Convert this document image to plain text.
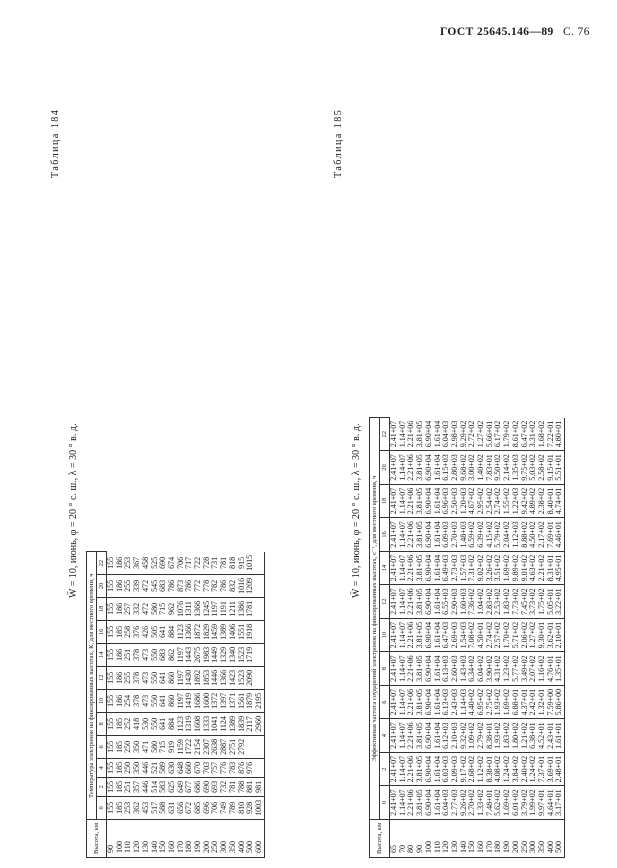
ГОСТ 25645.146—89 С. 76
Таблица 184
W̄ = 10, июнь, φ = 20 ° с. ш., λ = 30 ° в. д.
Высота, км	Температура электронов на фиксированных высотах, К, для местного времени, ч											
	0	2	4	6	8	10	12	14	16	18	20	22
90	155	155	155	155	155	155	155	155	155	155	155	155
100	185	185	185	185	185	186	186	186	185	186	186	186
110	253	251	250	250	252	254	255	251	258	257	255	253
120	362	357	350	350	418	378	378	378	376	332	339	367
130	453	446	446	471	530	473	473	473	426	472	472	458
140	517	514	521	580	550	550	550	550	505	580	545	525
150	588	583	589	715	641	641	641	683	641	715	683	690
160	631	625	630	919	884	860	860	862	884	962	786	674
170	656	649	648	1159	1123	1197	1197	1197	1123	1076	873	706
180	672	677	660	1722	1319	1419	1430	1443	1366	1311	786	717
190	685	686	670	2154	1608	1686	1892	2675	1872	1366	772	722
200	696	690	703	2307	1333	1600	1853	1983	1829	1245	778	728
250	706	693	757	2638	1041	1372	1446	1449	1459	1197	782	731
300	749	732	776	2887	1124	1397	1366	1329	1389	1191	786	781
350	789	781	783	2751	1389	1371	1423	1340	1406	1211	832	818
400	810	788	876	2792	1839	1561	1523	1523	1551	1386	1016	915
500	928	881	976		2117	1879	2090	1719	1918	1781	1209	1015
600	1003	981			2960	2195						
Таблица 185
W̄ = 10, июнь, φ = 20 ° с. ш., λ = 30 ° в. д.
Высота, км	Эффективная частота соударений электронов на фиксированных высотах, с⁻¹, для местного времени, ч											
	0	2	4	6	8	10	12	14	16	18	20	22
65	2.41+07	2.41+07	2.41+07	2.41+07	2.41+07	2.41+07	2.41+07	2.41+07	2.41+07	2.41+07	2.41+07	2.41+07
70	1.14+07	1.14+07	1.14+07	1.14+07	1.14+07	1.14+07	1.14+07	1.14+07	1.14+07	1.14+07	1.14+07	1.14+07
80	2.21+06	2.21+06	2.21+06	2.21+06	2.21+06	2.21+06	2.21+06	2.21+06	2.21+06	2.21+06	2.21+06	2.21+06
90	3.81+05	3.81+05	3.81+05	3.81+05	3.81+05	3.81+05	3.81+05	3.81+05	3.81+05	3.81+05	3.81+05	3.81+05
100	6.90+04	6.90+04	6.90+04	6.90+04	6.90+04	6.90+04	6.90+04	6.90+04	6.90+04	6.90+04	6.90+04	6.90+04
110	1.61+04	1.61+04	1.61+04	1.61+04	1.61+04	1.61+04	1.61+04	1.61+04	1.61+04	1.61+04	1.61+04	1.61+04
120	6.04+03	6.03+03	6.12+03	6.13+03	6.13+03	6.47+03	6.55+03	6.49+03	6.09+03	6.96+03	6.15+03	6.04+03
130	2.77+03	2.09+03	2.10+03	2.43+03	2.60+03	2.69+03	2.90+03	2.73+03	2.70+03	2.50+03	2.80+03	2.98+03
140	9.26+02	9.17+02	9.32+02	1.14+03	1.43+03	1.54+03	1.60+03	1.57+03	1.48+03	1.20+03	9.68+02	9.29+02
150	2.70+02	2.68+02	1.09+02	4.40+02	6.34+02	7.08+02	7.36+02	7.31+02	6.59+02	4.67+02	3.00+02	2.72+02
160	1.33+02	1.12+02	2.79+02	6.95+02	6.04+02	4.50+01	1.04+02	9.02+02	6.39+02	2.95+02	1.40+02	1.27+02
170	7.48+01	8.38+01	8.38+01	2.75+02	3.90+02	2.74+02	2.83+02	3.26+02	4.15+02	2.54+02	7.83+01	5.66+01
180	5.62+02	4.08+02	1.93+02	1.93+02	4.31+02	2.57+02	2.53+02	3.51+02	5.79+02	2.74+02	9.50+02	6.17+02
190	1.69+02	1.24+02	1.83+02	1.69+02	1.23+02	1.70+02	1.83+02	1.69+02	2.04+02	1.55+02	2.14+02	1.79+02
200	6.01+02	3.84+02	1.80+02	6.88+01	5.77+02	5.71+02	7.73+02	9.89+02	1.12+03	1.22+03	1.35+03	8.61+02
250	3.79+02	2.40+02	1.21+02	4.37+01	3.49+02	2.06+02	7.45+02	9.01+02	8.88+02	9.42+02	9.75+02	6.47+02
300	1.99+02	1.24+02	6.38+01	2.42+01	2.07+02	1.27+02	3.73+02	4.63+02	4.50+02	4.89+02	5.03+02	3.31+02
350	9.97+01	7.37+01	4.52+01	1.32+01	1.16+02	9.30+01	1.75+02	2.21+02	2.17+02	2.38+02	2.58+02	1.68+02
400	4.64+01	3.69+01	2.43+01	7.59+00	4.76+01	3.62+01	5.05+01	8.31+01	7.69+01	8.40+01	9.15+01	7.22+01
500	3.17+01	2.48+01	1.61+01	5.86+00	1.35+01	2.10+01	3.22+01	4.95+01	4.46+01	4.74+01	5.51+01	4.80+01
